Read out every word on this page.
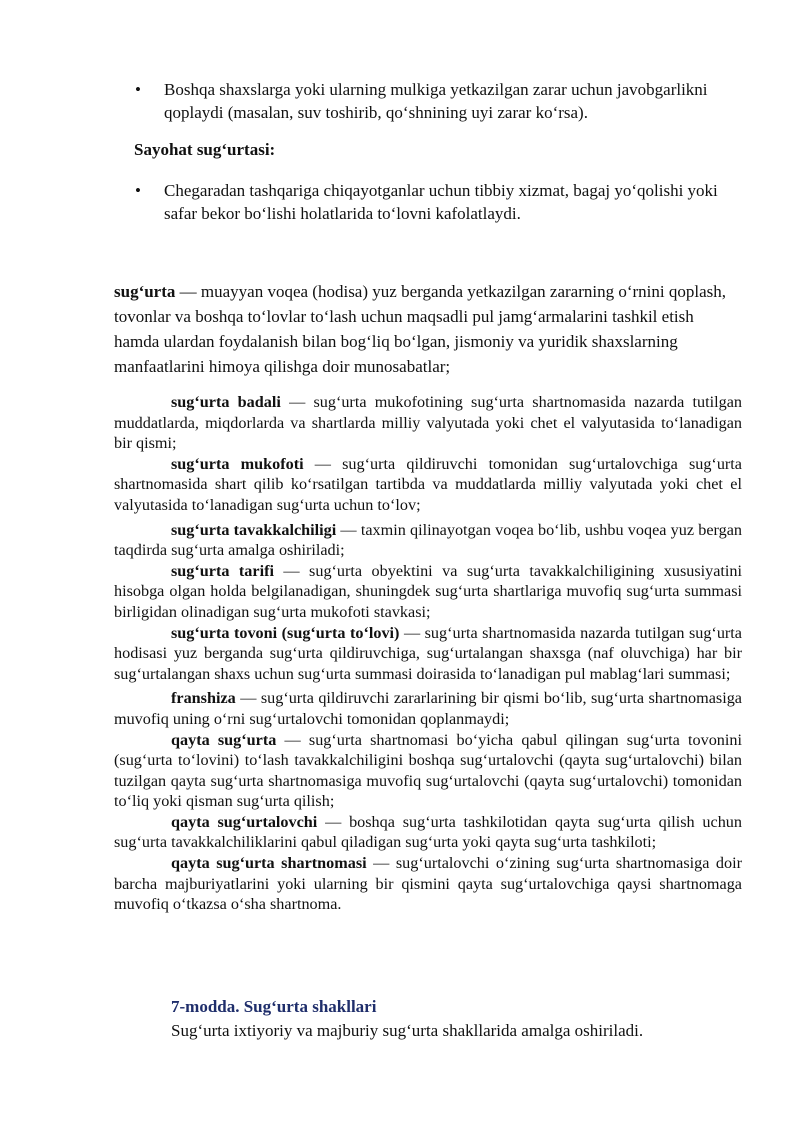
• Boshqa shaxslarga yoki ularning mulkiga yetkazilgan zarar uchun javobgarlikni qoplaydi (masalan, suv toshirib, qo‘shnining uyi zarar ko‘rsa).
Sayohat sug‘urtasi:
• Chegaradan tashqariga chiqayotganlar uchun tibbiy xizmat, bagaj yo‘qolishi yoki safar bekor bo‘lishi holatlarida to‘lovni kafolatlaydi.
sug‘urta — muayyan voqea (hodisa) yuz berganda yetkazilgan zararning o‘rnini qoplash, tovonlar va boshqa to‘lovlar to‘lash uchun maqsadli pul jamg‘armalarini tashkil etish hamda ulardan foydalanish bilan bog‘liq bo‘lgan, jismoniy va yuridik shaxslarning manfaatlarini himoya qilishga doir munosabatlar;

sug‘urta badali — sug‘urta mukofotining sug‘urta shartnomasida nazarda tutilgan muddatlarda, miqdorlarda va shartlarda milliy valyutada yoki chet el valyutasida to‘lanadigan bir qismi;

sug‘urta mukofoti — sug‘urta qildiruvchi tomonidan sug‘urtalovchiga sug‘urta shartnomasida shart qilib ko‘rsatilgan tartibda va muddatlarda milliy valyutada yoki chet el valyutasida to‘lanadigan sug‘urta uchun to‘lov;

sug‘urta tavakkalchiligi — taxmin qilinayotgan voqea bo‘lib, ushbu voqea yuz bergan taqdirda sug‘urta amalga oshiriladi;

sug‘urta tarifi — sug‘urta obyektini va sug‘urta tavakkalchiligining xususiyatini hisobga olgan holda belgilanadigan, shuningdek sug‘urta shartlariga muvofiq sug‘urta summasi birligidan olinadigan sug‘urta mukofoti stavkasi;

sug‘urta tovoni (sug‘urta to‘lovi) — sug‘urta shartnomasida nazarda tutilgan sug‘urta hodisasi yuz berganda sug‘urta qildiruvchiga, sug‘urtalangan shaxsga (naf oluvchiga) har bir sug‘urtalangan shaxs uchun sug‘urta summasi doirasida to‘lanadigan pul mablag‘lari summasi;

franshiza — sug‘urta qildiruvchi zararlarining bir qismi bo‘lib, sug‘urta shartnomasiga muvofiq uning o‘rni sug‘urtalovchi tomonidan qoplanmaydi;

qayta sug‘urta — sug‘urta shartnomasi bo‘yicha qabul qilingan sug‘urta tovonini (sug‘urta to‘lovini) to‘lash tavakkalchiligini boshqa sug‘urtalovchi (qayta sug‘urtalovchi) bilan tuzilgan qayta sug‘urta shartnomasiga muvofiq sug‘urtalovchi (qayta sug‘urtalovchi) tomonidan to‘liq yoki qisman sug‘urta qilish;

qayta sug‘urtalovchi — boshqa sug‘urta tashkilotidan qayta sug‘urta qilish uchun sug‘urta tavakkalchiliklarini qabul qiladigan sug‘urta yoki qayta sug‘urta tashkiloti;

qayta sug‘urta shartnomasi — sug‘urtalovchi o‘zining sug‘urta shartnomasiga doir barcha majburiyatlarini yoki ularning bir qismini qayta sug‘urtalovchiga qaysi shartnomaga muvofiq o‘tkazsa o‘sha shartnoma.

7-modda. Sug‘urta shakllari
Sug‘urta ixtiyoriy va majburiy sug‘urta shakllarida amalga oshiriladi.
